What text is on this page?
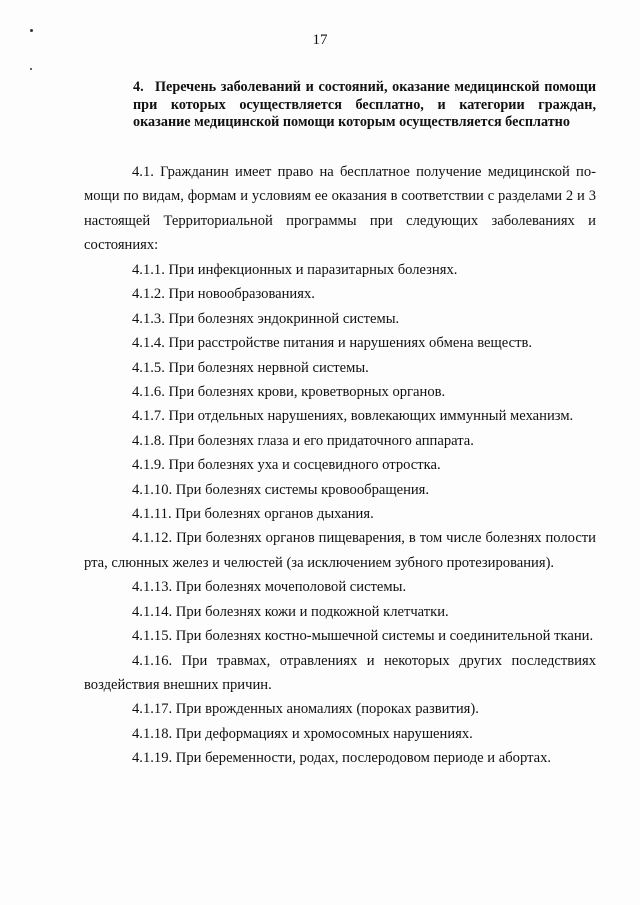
17
4. Перечень заболеваний и состояний, оказание медицинской помощи при которых осуществляется бесплатно, и категории граждан, оказание медицинской помощи которым осуществляется бесплатно

4.1. Гражданин имеет право на бесплатное получение медицинской помощи по видам, формам и условиям ее оказания в соответствии с разделами 2 и 3 настоящей Территориальной программы при следующих заболеваниях и состояниях:

4.1.1. При инфекционных и паразитарных болезнях.
4.1.2. При новообразованиях.
4.1.3. При болезнях эндокринной системы.
4.1.4. При расстройстве питания и нарушениях обмена веществ.
4.1.5. При болезнях нервной системы.
4.1.6. При болезнях крови, кроветворных органов.
4.1.7. При отдельных нарушениях, вовлекающих иммунный механизм.
4.1.8. При болезнях глаза и его придаточного аппарата.
4.1.9. При болезнях уха и сосцевидного отростка.
4.1.10. При болезнях системы кровообращения.
4.1.11. При болезнях органов дыхания.
4.1.12. При болезнях органов пищеварения, в том числе болезнях полости рта, слюнных желез и челюстей (за исключением зубного протезирования).
4.1.13. При болезнях мочеполовой системы.
4.1.14. При болезнях кожи и подкожной клетчатки.
4.1.15. При болезнях костно-мышечной системы и соединительной ткани.
4.1.16. При травмах, отравлениях и некоторых других последствиях воздействия внешних причин.
4.1.17. При врожденных аномалиях (пороках развития).
4.1.18. При деформациях и хромосомных нарушениях.
4.1.19. При беременности, родах, послеродовом периоде и абортах.
